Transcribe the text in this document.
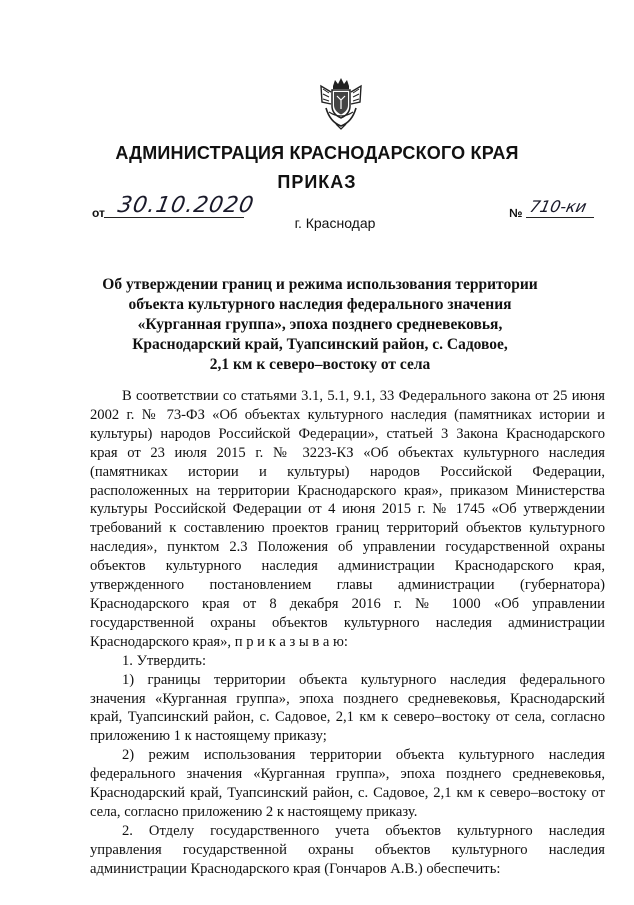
АДМИНИСТРАЦИЯ КРАСНОДАРСКОГО КРАЯ
ПРИКАЗ
от 30.10.2020	№ 710-ки
г. Краснодар
Об утверждении границ и режима использования территории
объекта культурного наследия федерального значения
«Курганная группа», эпоха позднего средневековья,
Краснодарский край, Туапсинский район, с. Садовое,
2,1 км к северо–востоку от села

В соответствии со статьями 3.1, 5.1, 9.1, 33 Федерального закона от 25 июня 2002 г. № 73-ФЗ «Об объектах культурного наследия (памятниках истории и культуры) народов Российской Федерации», статьей 3 Закона Краснодарского края от 23 июля 2015 г. № 3223-КЗ «Об объектах культурного наследия (памятниках истории и культуры) народов Российской Федерации, расположенных на территории Краснодарского края», приказом Министерства культуры Российской Федерации от 4 июня 2015 г. № 1745 «Об утверждении требований к составлению проектов границ территорий объектов культурного наследия», пунктом 2.3 Положения об управлении государственной охраны объектов культурного наследия администрации Краснодарского края, утвержденного постановлением главы администрации (губернатора) Краснодарского края от 8 декабря 2016 г. № 1000 «Об управлении государственной охраны объектов культурного наследия администрации Краснодарского края», п р и к а з ы в а ю:

1. Утвердить:

1) границы территории объекта культурного наследия федерального значения «Курганная группа», эпоха позднего средневековья, Краснодарский край, Туапсинский район, с. Садовое, 2,1 км к северо–востоку от села, согласно приложению 1 к настоящему приказу;

2) режим использования территории объекта культурного наследия федерального значения «Курганная группа», эпоха позднего средневековья, Краснодарский край, Туапсинский район, с. Садовое, 2,1 км к северо–востоку от села, согласно приложению 2 к настоящему приказу.

2. Отделу государственного учета объектов культурного наследия управления государственной охраны объектов культурного наследия администрации Краснодарского края (Гончаров А.В.) обеспечить:
